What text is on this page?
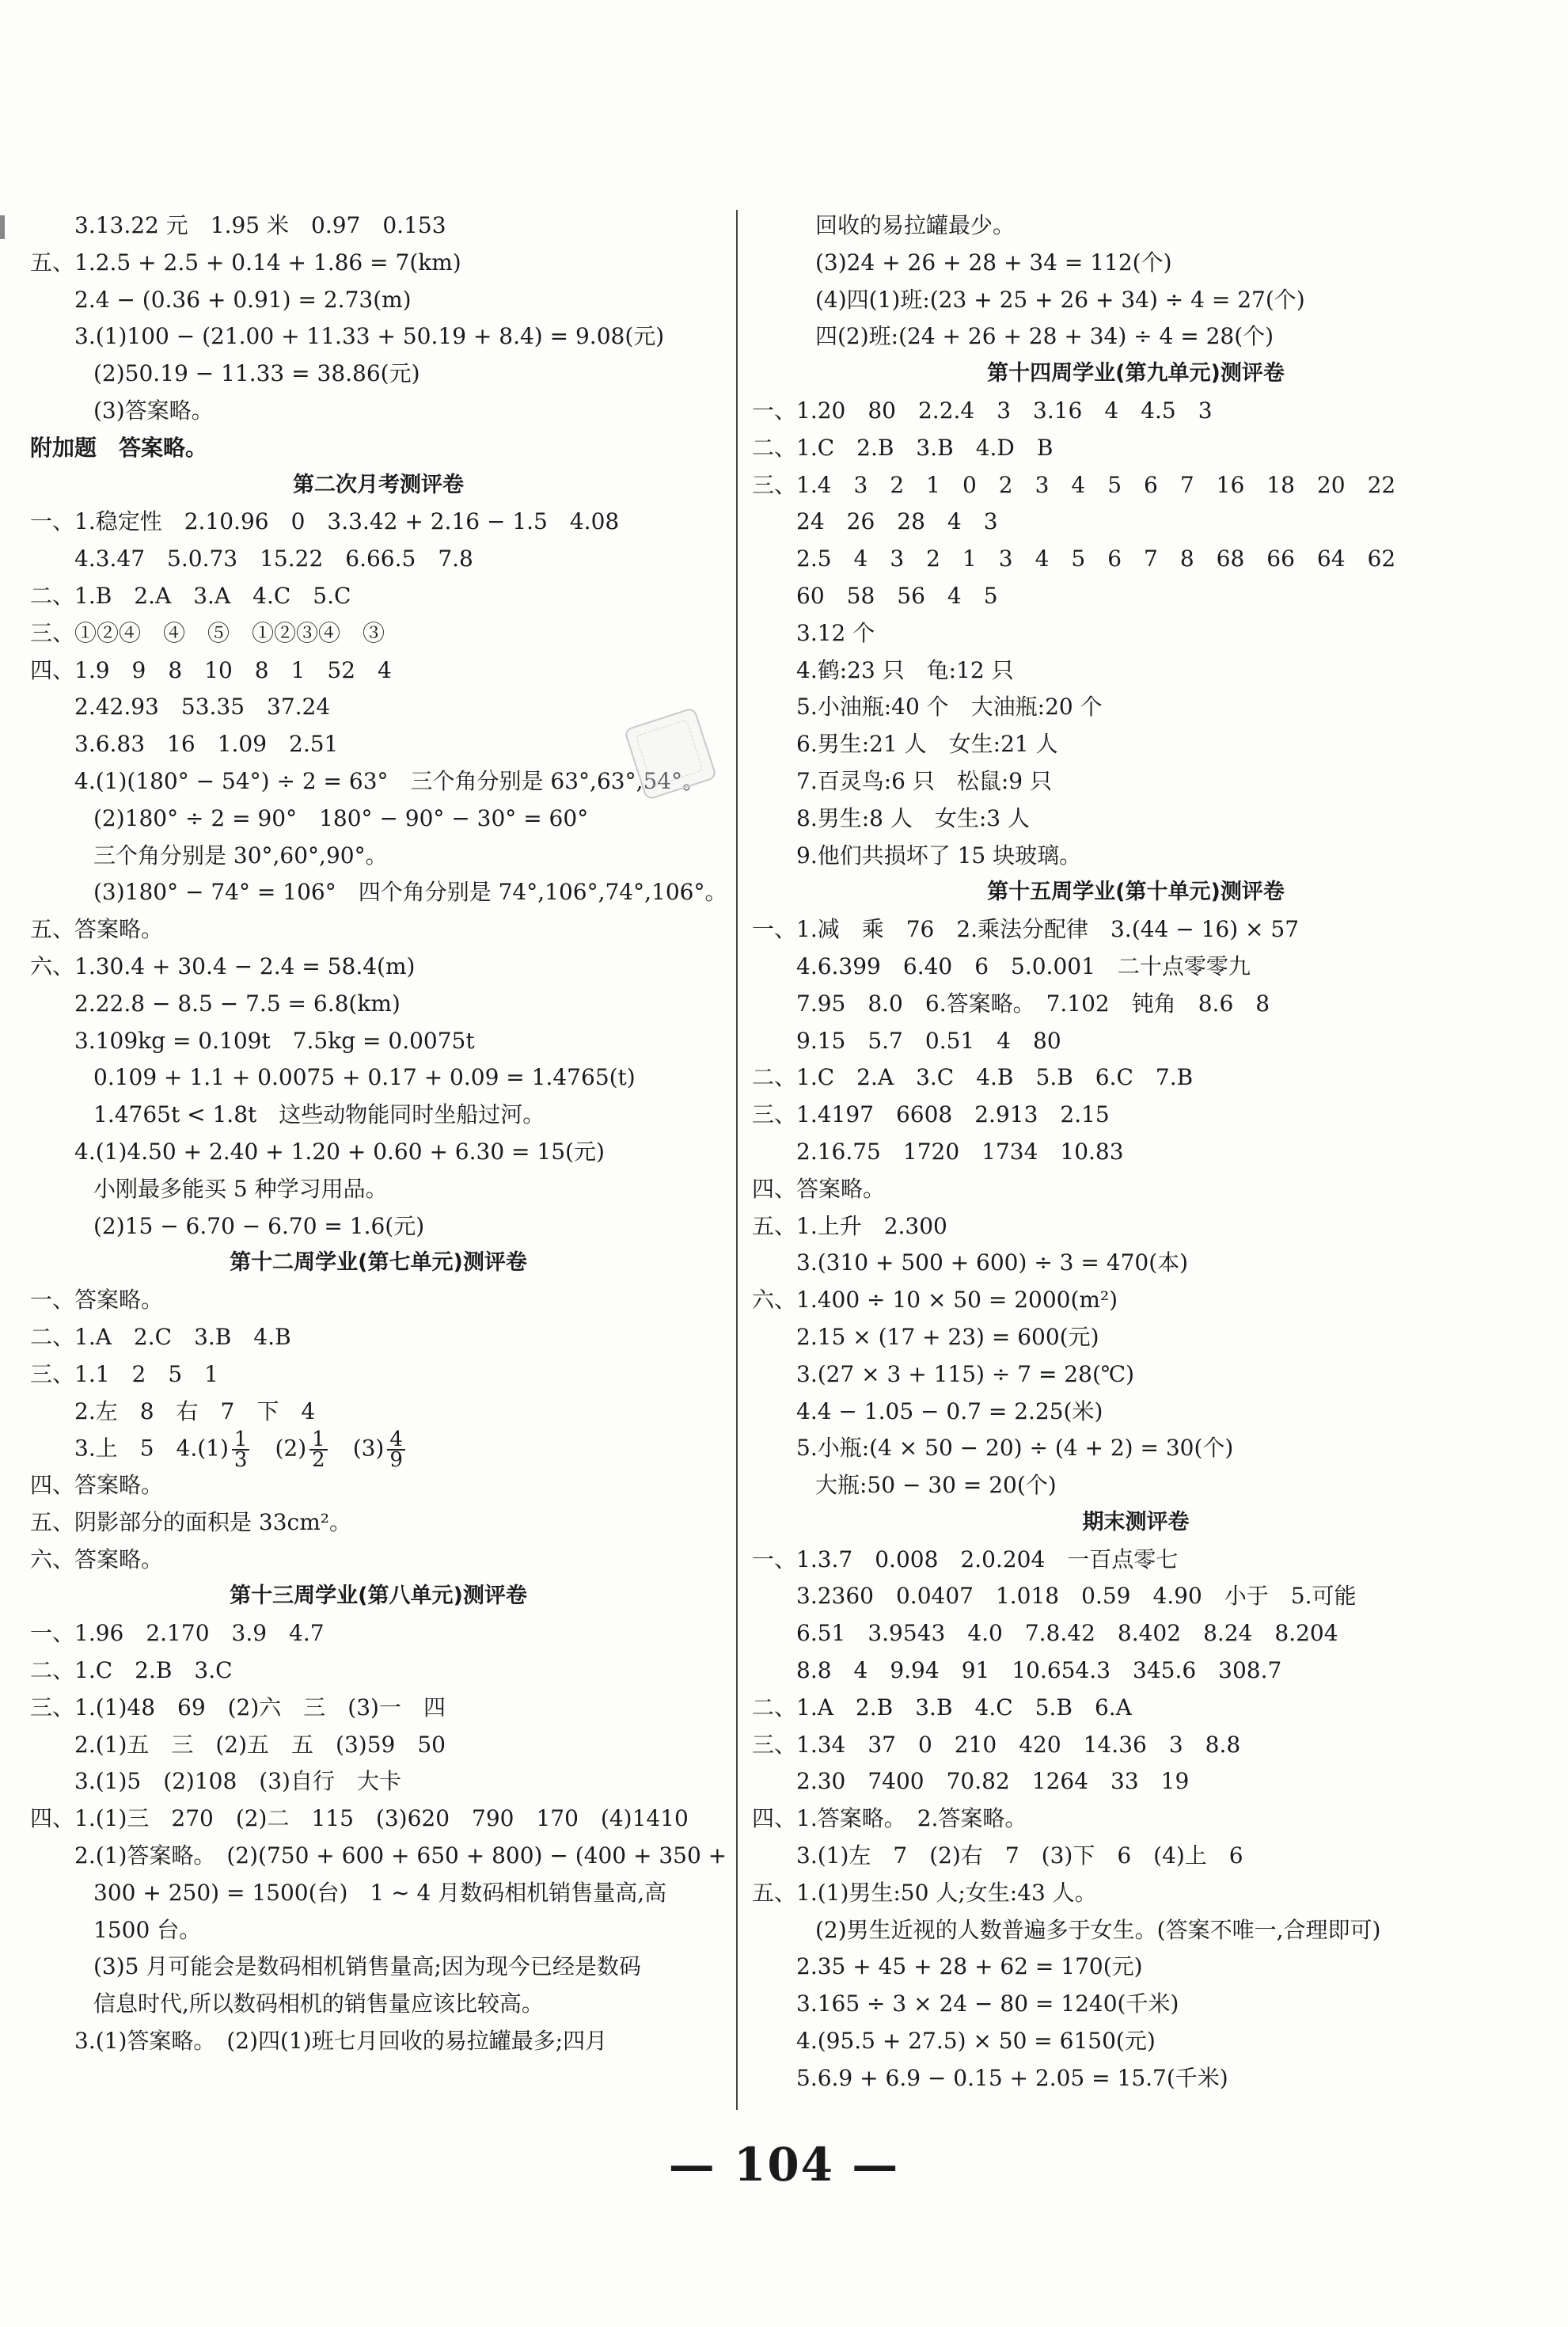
3.13.22 元　1.95 米　0.97　0.153
五、1.2.5 + 2.5 + 0.14 + 1.86 = 7(km)
2.4 − (0.36 + 0.91) = 2.73(m)
3.(1)100 − (21.00 + 11.33 + 50.19 + 8.4) = 9.08(元)
(2)50.19 − 11.33 = 38.86(元)
(3)答案略。
附加题　答案略。
第二次月考测评卷
一、1.稳定性　2.10.96　0　3.3.42 + 2.16 − 1.5　4.08
4.3.47　5.0.73　15.22　6.66.5　7.8
二、1.B　2.A　3.A　4.C　5.C
三、①②④　④　⑤　①②③④　③
四、1.9　9　8　10　8　1　52　4
2.42.93　53.35　37.24
3.6.83　16　1.09　2.51
4.(1)(180° − 54°) ÷ 2 = 63°　三个角分别是 63°,63°,54°。
(2)180° ÷ 2 = 90°　180° − 90° − 30° = 60°
三个角分别是 30°,60°,90°。
(3)180° − 74° = 106°　四个角分别是 74°,106°,74°,106°。
五、答案略。
六、1.30.4 + 30.4 − 2.4 = 58.4(m)
2.22.8 − 8.5 − 7.5 = 6.8(km)
3.109kg = 0.109t　7.5kg = 0.0075t
0.109 + 1.1 + 0.0075 + 0.17 + 0.09 = 1.4765(t)
1.4765t < 1.8t　这些动物能同时坐船过河。
4.(1)4.50 + 2.40 + 1.20 + 0.60 + 6.30 = 15(元)
小刚最多能买 5 种学习用品。
(2)15 − 6.70 − 6.70 = 1.6(元)
第十二周学业(第七单元)测评卷
一、答案略。
二、1.A　2.C　3.B　4.B
三、1.1　2　5　1
2.左　8　右　7　下　4
3.上　5　$4.(1) \frac{1}{3}$ 　$(2) \frac{1}{2}$ 　$(3) \frac{4}{9}$
四、答案略。
五、阴影部分的面积是 33cm²。
六、答案略。
第十三周学业(第八单元)测评卷
一、1.96　2.170　3.9　4.7
二、1.C　2.B　3.C
三、1.(1)48　69　(2)六　三　(3)一　四
2.(1)五　三　(2)五　五　(3)59　50
3.(1)5　(2)108　(3)自行　大卡
四、1.(1)三　270　(2)二　115　(3)620　790　170　(4)1410
2.(1)答案略。　(2)(750 + 600 + 650 + 800) − (400 + 350 +
300 + 250) = 1500(台)　1 ~ 4 月数码相机销售量高,高
1500 台。
(3)5 月可能会是数码相机销售量高;因为现今已经是数码
信息时代,所以数码相机的销售量应该比较高。
3.(1)答案略。　(2)四(1)班七月回收的易拉罐最多;四月
回收的易拉罐最少。
(3)24 + 26 + 28 + 34 = 112(个)
(4)四(1)班:(23 + 25 + 26 + 34) ÷ 4 = 27(个)
四(2)班:(24 + 26 + 28 + 34) ÷ 4 = 28(个)
第十四周学业(第九单元)测评卷
一、1.20　80　2.2.4　3　3.16　4　4.5　3
二、1.C　2.B　3.B　4.D　B
三、1.4　3　2　1　0　2　3　4　5　6　7　16　18　20　22
24　26　28　4　3
2.5　4　3　2　1　3　4　5　6　7　8　68　66　64　62
60　58　56　4　5
3.12 个
4.鹤:23 只　龟:12 只
5.小油瓶:40 个　大油瓶:20 个
6.男生:21 人　女生:21 人
7.百灵鸟:6 只　松鼠:9 只
8.男生:8 人　女生:3 人
9.他们共损坏了 15 块玻璃。
第十五周学业(第十单元)测评卷
一、1.减　乘　76　2.乘法分配律　3.(44 − 16) × 57
4.6.399　6.40　6　5.0.001　二十点零零九
7.95　8.0　6.答案略。　7.102　钝角　8.6　8
9.15　5.7　0.51　4　80
二、1.C　2.A　3.C　4.B　5.B　6.C　7.B
三、1.4197　6608　2.913　2.15
2.16.75　1720　1734　10.83
四、答案略。
五、1.上升　2.300
3.(310 + 500 + 600) ÷ 3 = 470(本)
六、1.400 ÷ 10 × 50 = 2000(m²)
2.15 × (17 + 23) = 600(元)
3.(27 × 3 + 115) ÷ 7 = 28(℃)
4.4 − 1.05 − 0.7 = 2.25(米)
5.小瓶:(4 × 50 − 20) ÷ (4 + 2) = 30(个)
大瓶:50 − 30 = 20(个)
期末测评卷
一、1.3.7　0.008　2.0.204　一百点零七
3.2360　0.0407　1.018　0.59　4.90　小于　5.可能
6.51　3.9543　4.0　7.8.42　8.402　8.24　8.204
8.8　4　9.94　91　10.654.3　345.6　308.7
二、1.A　2.B　3.B　4.C　5.B　6.A
三、1.34　37　0　210　420　14.36　3　8.8
2.30　7400　70.82　1264　33　19
四、1.答案略。　2.答案略。
3.(1)左　7　(2)右　7　(3)下　6　(4)上　6
五、1.(1)男生:50 人;女生:43 人。
(2)男生近视的人数普遍多于女生。(答案不唯一,合理即可)
2.35 + 45 + 28 + 62 = 170(元)
3.165 ÷ 3 × 24 − 80 = 1240(千米)
4.(95.5 + 27.5) × 50 = 6150(元)
5.6.9 + 6.9 − 0.15 + 2.05 = 15.7(千米)
— 104 —
